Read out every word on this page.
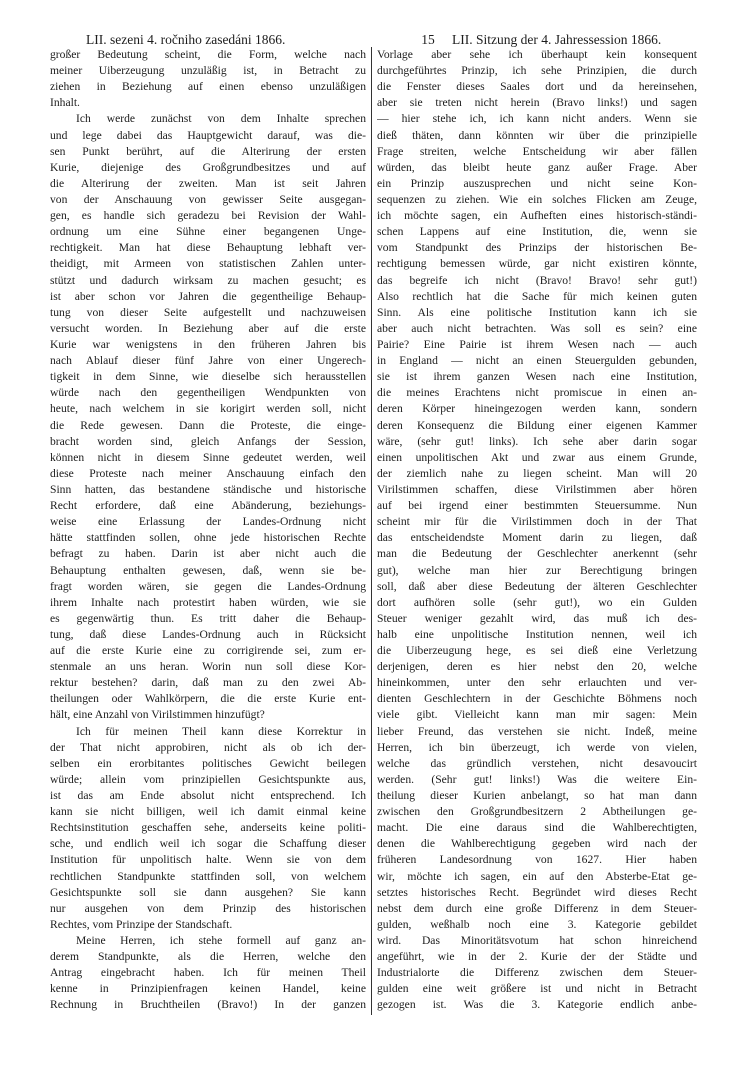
LII. sezeni 4. ročniho zasedáni 1866.	15 LII. Sitzung der 4. Jahressession 1866.
großer Bedeutung scheint, die Form, welche nach
meiner Uiberzeugung unzuläßig ist, in Betracht zu
ziehen in Beziehung auf einen ebenso unzuläßigen
Inhalt.
Ich werde zunächst von dem Inhalte sprechen
und lege dabei das Hauptgewicht darauf, was die-
sen Punkt berührt, auf die Alterirung der ersten
Kurie, diejenige des Großgrundbesitzes und auf
die Alterirung der zweiten. Man ist seit Jahren
von der Anschauung von gewisser Seite ausgegan-
gen, es handle sich geradezu bei Revision der Wahl-
ordnung um eine Sühne einer begangenen Unge-
rechtigkeit. Man hat diese Behauptung lebhaft ver-
theidigt, mit Armeen von statistischen Zahlen unter-
stützt und dadurch wirksam zu machen gesucht; es
ist aber schon vor Jahren die gegentheilige Behaup-
tung von dieser Seite aufgestellt und nachzuweisen
versucht worden. In Beziehung aber auf die erste
Kurie war wenigstens in den früheren Jahren bis
nach Ablauf dieser fünf Jahre von einer Ungerech-
tigkeit in dem Sinne, wie dieselbe sich herausstellen
würde nach den gegentheiligen Wendpunkten von
heute, nach welchem in sie korigirt werden soll, nicht
die Rede gewesen. Dann die Proteste, die einge-
bracht worden sind, gleich Anfangs der Session,
können nicht in diesem Sinne gedeutet werden, weil
diese Proteste nach meiner Anschauung einfach den
Sinn hatten, das bestandene ständische und historische
Recht erfordere, daß eine Abänderung, beziehungs-
weise eine Erlassung der Landes-Ordnung nicht
hätte stattfinden sollen, ohne jede historischen Rechte
befragt zu haben. Darin ist aber nicht auch die
Behauptung enthalten gewesen, daß, wenn sie be-
fragt worden wären, sie gegen die Landes-Ordnung
ihrem Inhalte nach protestirt haben würden, wie sie
es gegenwärtig thun. Es tritt daher die Behaup-
tung, daß diese Landes-Ordnung auch in Rücksicht
auf die erste Kurie eine zu corrigirende sei, zum er-
stenmale an uns heran. Worin nun soll diese Kor-
rektur bestehen? darin, daß man zu den zwei Ab-
theilungen oder Wahlkörpern, die die erste Kurie ent-
hält, eine Anzahl von Virilstimmen hinzufügt?
Ich für meinen Theil kann diese Korrektur in
der That nicht approbiren, nicht als ob ich der-
selben ein erorbitantes politisches Gewicht beilegen
würde; allein vom prinzipiellen Gesichtspunkte aus,
ist das am Ende absolut nicht entsprechend. Ich
kann sie nicht billigen, weil ich damit einmal keine
Rechtsinstitution geschaffen sehe, anderseits keine politi-
sche, und endlich weil ich sogar die Schaffung dieser
Institution für unpolitisch halte. Wenn sie von dem
rechtlichen Standpunkte stattfinden soll, von welchem
Gesichtspunkte soll sie dann ausgehen? Sie kann
nur ausgehen von dem Prinzip des historischen
Rechtes, vom Prinzipe der Standschaft.
Meine Herren, ich stehe formell auf ganz an-
derem Standpunkte, als die Herren, welche den
Antrag eingebracht haben. Ich für meinen Theil
kenne in Prinzipienfragen keinen Handel, keine
Rechnung in Bruchtheilen (Bravo!) In der ganzen
Vorlage aber sehe ich überhaupt kein konsequent
durchgeführtes Prinzip, ich sehe Prinzipien, die durch
die Fenster dieses Saales dort und da hereinsehen,
aber sie treten nicht herein (Bravo links!) und sagen
— hier stehe ich, ich kann nicht anders. Wenn sie
dieß thäten, dann könnten wir über die prinzipielle
Frage streiten, welche Entscheidung wir aber fällen
würden, das bleibt heute ganz außer Frage. Aber
ein Prinzip auszusprechen und nicht seine Kon-
sequenzen zu ziehen. Wie ein solches Flicken am Zeuge,
ich möchte sagen, ein Aufheften eines historisch-ständi-
schen Lappens auf eine Institution, die, wenn sie
vom Standpunkt des Prinzips der historischen Be-
rechtigung bemessen würde, gar nicht existiren könnte,
das begreife ich nicht (Bravo! Bravo! sehr gut!)
Also rechtlich hat die Sache für mich keinen guten
Sinn. Als eine politische Institution kann ich sie
aber auch nicht betrachten. Was soll es sein? eine
Pairie? Eine Pairie ist ihrem Wesen nach — auch
in England — nicht an einen Steuergulden gebunden,
sie ist ihrem ganzen Wesen nach eine Institution,
die meines Erachtens nicht promiscue in einen an-
deren Körper hineingezogen werden kann, sondern
deren Konsequenz die Bildung einer eigenen Kammer
wäre, (sehr gut! links). Ich sehe aber darin sogar
einen unpolitischen Akt und zwar aus einem Grunde,
der ziemlich nahe zu liegen scheint. Man will 20
Virilstimmen schaffen, diese Virilstimmen aber hören
auf bei irgend einer bestimmten Steuersumme. Nun
scheint mir für die Virilstimmen doch in der That
das entscheidendste Moment darin zu liegen, daß
man die Bedeutung der Geschlechter anerkennt (sehr
gut), welche man hier zur Berechtigung bringen
soll, daß aber diese Bedeutung der älteren Geschlechter
dort aufhören solle (sehr gut!), wo ein Gulden
Steuer weniger gezahlt wird, das muß ich des-
halb eine unpolitische Institution nennen, weil ich
die Uiberzeugung hege, es sei dieß eine Verletzung
derjenigen, deren es hier nebst den 20, welche
hineinkommen, unter den sehr erlauchten und ver-
dienten Geschlechtern in der Geschichte Böhmens noch
viele gibt. Vielleicht kann man mir sagen: Mein
lieber Freund, das verstehen sie nicht. Indeß, meine
Herren, ich bin überzeugt, ich werde von vielen,
welche das gründlich verstehen, nicht desavoucirt
werden. (Sehr gut! links!) Was die weitere Ein-
theilung dieser Kurien anbelangt, so hat man dann
zwischen den Großgrundbesitzern 2 Abtheilungen ge-
macht. Die eine daraus sind die Wahlberechtigten,
denen die Wahlberechtigung gegeben wird nach der
früheren Landesordnung von 1627. Hier haben
wir, möchte ich sagen, ein auf den Absterbe-Etat ge-
setztes historisches Recht. Begründet wird dieses Recht
nebst dem durch eine große Differenz in dem Steuer-
gulden, weßhalb noch eine 3. Kategorie gebildet
wird. Das Minoritätsvotum hat schon hinreichend
angeführt, wie in der 2. Kurie der der Städte und
Industrialorte die Differenz zwischen dem Steuer-
gulden eine weit größere ist und nicht in Betracht
gezogen ist. Was die 3. Kategorie endlich anbe-
